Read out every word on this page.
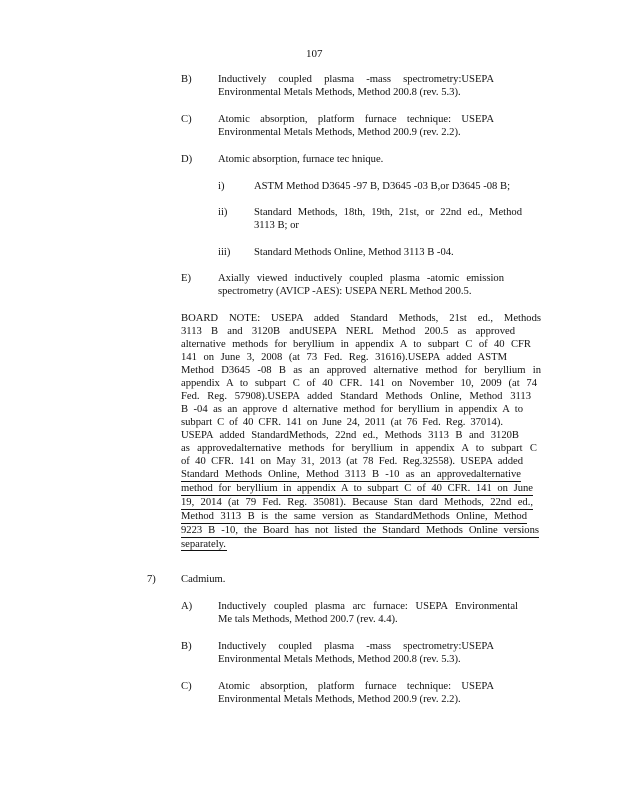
107
B) Inductively coupled plasma -mass spectrometry:USEPA
Environmental Metals Methods, Method 200.8 (rev. 5.3).
C) Atomic absorption, platform furnace technique: USEPA
Environmental Metals Methods, Method 200.9 (rev. 2.2).
D) Atomic absorption, furnace tec hnique.
i)	ASTM Method D3645 -97 B, D3645 -03 B,or D3645 -08 B;
ii)	Standard Methods, 18th, 19th, 21st, or 22nd ed., Method
3113 B; or
iii) Standard Methods Online, Method 3113 B -04.
E)	Axially viewed inductively coupled plasma -atomic emission
spectrometry (AVICP -AES): USEPA NERL Method 200.5.
BOARD NOTE: USEPA added Standard Methods, 21st ed., Methods
3113 B and 3120B andUSEPA NERL Method 200.5 as approved
alternative methods for beryllium in appendix A to subpart C of 40 CFR
141 on June 3, 2008 (at 73 Fed. Reg. 31616).USEPA added ASTM
Method D3645 -08 B as an approved alternative method for beryllium in
appendix A to subpart C of 40 CFR. 141 on November 10, 2009 (at 74
Fed. Reg. 57908).USEPA added Standard Methods Online, Method 3113
B -04 as an approve d alternative method for beryllium in appendix A to
subpart C of 40 CFR. 141 on June 24, 2011 (at 76 Fed. Reg. 37014).
USEPA added StandardMethods, 22nd ed., Methods 3113 B and 3120B
as approvedalternative methods for beryllium in appendix A to subpart C
of 40 CFR. 141 on May 31, 2013 (at 78 Fed. Reg.32558). USEPA added
Standard Methods Online, Method 3113 B -10 as an approvedalternative
method for beryllium in appendix A to subpart C of 40 CFR. 141 on June
19, 2014 (at 79 Fed. Reg. 35081). Because Stan dard Methods, 22nd ed.,
Method 3113 B is the same version as StandardMethods Online, Method
9223 B -10, the Board has not listed the Standard Methods Online versions
separately.
7) Cadmium.
A) Inductively coupled plasma arc furnace: USEPA Environmental
Me tals Methods, Method 200.7 (rev. 4.4).
B) Inductively coupled plasma -mass spectrometry:USEPA
Environmental Metals Methods, Method 200.8 (rev. 5.3).
C) Atomic absorption, platform furnace technique: USEPA
Environmental Metals Methods, Method 200.9 (rev. 2.2).
